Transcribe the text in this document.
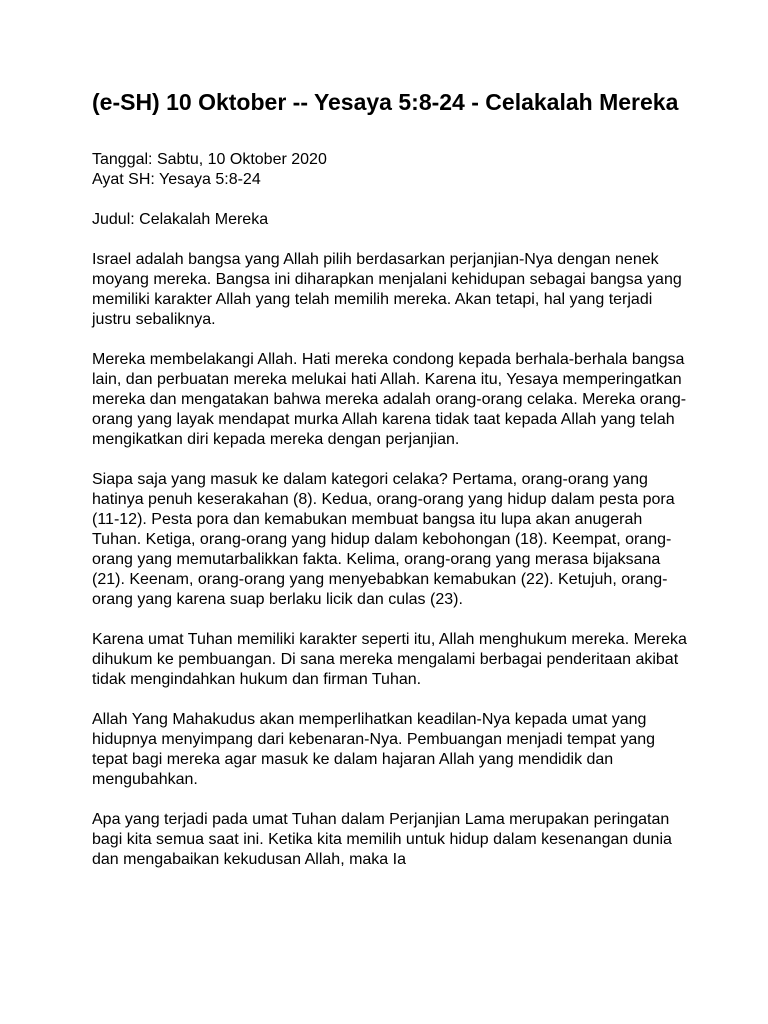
(e-SH) 10 Oktober -- Yesaya 5:8-24 - Celakalah Mereka
Tanggal: Sabtu, 10 Oktober 2020
Ayat SH: Yesaya 5:8-24
Judul: Celakalah Mereka

Israel adalah bangsa yang Allah pilih berdasarkan perjanjian-Nya dengan nenek moyang mereka. Bangsa ini diharapkan menjalani kehidupan sebagai bangsa yang memiliki karakter Allah yang telah memilih mereka. Akan tetapi, hal yang terjadi justru sebaliknya.

Mereka membelakangi Allah. Hati mereka condong kepada berhala-berhala bangsa lain, dan perbuatan mereka melukai hati Allah. Karena itu, Yesaya memperingatkan mereka dan mengatakan bahwa mereka adalah orang-orang celaka. Mereka orang-orang yang layak mendapat murka Allah karena tidak taat kepada Allah yang telah mengikatkan diri kepada mereka dengan perjanjian.

Siapa saja yang masuk ke dalam kategori celaka? Pertama, orang-orang yang hatinya penuh keserakahan (8). Kedua, orang-orang yang hidup dalam pesta pora (11-12). Pesta pora dan kemabukan membuat bangsa itu lupa akan anugerah Tuhan. Ketiga, orang-orang yang hidup dalam kebohongan (18). Keempat, orang-orang yang memutarbalikkan fakta. Kelima, orang-orang yang merasa bijaksana (21). Keenam, orang-orang yang menyebabkan kemabukan (22). Ketujuh, orang-orang yang karena suap berlaku licik dan culas (23).

Karena umat Tuhan memiliki karakter seperti itu, Allah menghukum mereka. Mereka dihukum ke pembuangan. Di sana mereka mengalami berbagai penderitaan akibat tidak mengindahkan hukum dan firman Tuhan.

Allah Yang Mahakudus akan memperlihatkan keadilan-Nya kepada umat yang hidupnya menyimpang dari kebenaran-Nya. Pembuangan menjadi tempat yang tepat bagi mereka agar masuk ke dalam hajaran Allah yang mendidik dan mengubahkan.

Apa yang terjadi pada umat Tuhan dalam Perjanjian Lama merupakan peringatan bagi kita semua saat ini. Ketika kita memilih untuk hidup dalam kesenangan dunia dan mengabaikan kekudusan Allah, maka Ia
